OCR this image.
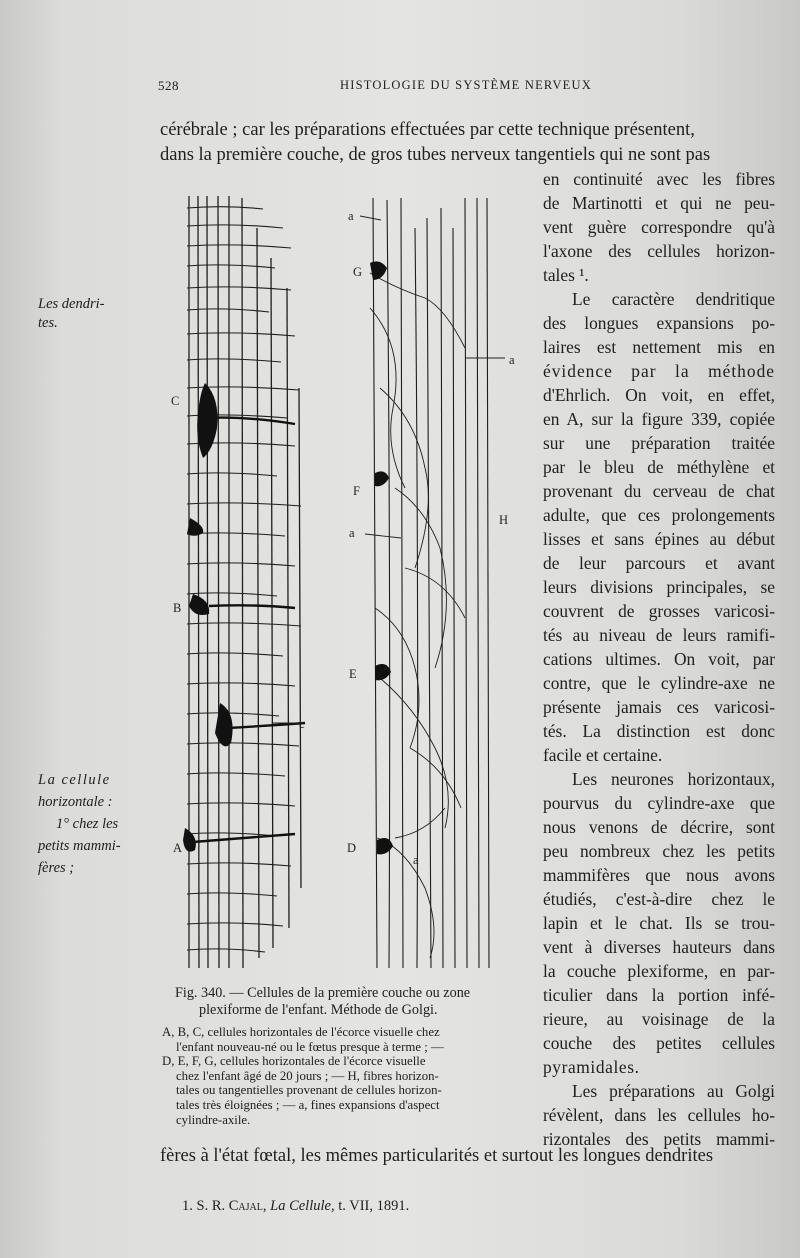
528	HISTOLOGIE DU SYSTÈME NERVEUX
cérébrale ; car les préparations effectuées par cette technique présentent,
dans la première couche, de gros tubes nerveux tangentiels qui ne sont pas
Les dendri-
tes.
La cellule
horizontale :
1° chez les
petits mammi-
fères ;
en continuité avec les fibres
de Martinotti et qui ne peu-
vent guère correspondre qu'à
l'axone des cellules horizon-
tales ¹.
Le caractère dendritique
des longues expansions po-
laires est nettement mis en
évidence par la méthode
d'Ehrlich. On voit, en effet,
en A, sur la figure 339, copiée
sur une préparation traitée
par le bleu de méthylène et
provenant du cerveau de chat
adulte, que ces prolongements
lisses et sans épines au début
de leur parcours et avant
leurs divisions principales, se
couvrent de grosses varicosi-
tés au niveau de leurs ramifi-
cations ultimes. On voit, par
contre, que le cylindre-axe ne
présente jamais ces varicosi-
tés. La distinction est donc
facile et certaine.
Les neurones horizontaux,
pourvus du cylindre-axe que
nous venons de décrire, sont
peu nombreux chez les petits
mammifères que nous avons
étudiés, c'est-à-dire chez le
lapin et le chat. Ils se trou-
vent à diverses hauteurs dans
la couche plexiforme, en par-
ticulier dans la portion infé-
rieure, au voisinage de la
couche des petites cellules
pyramidales.
Les préparations au Golgi
révèlent, dans les cellules ho-
rizontales des petits mammi-
fères à l'état fœtal, les mêmes particularités et surtout les longues dendrites
a
G
C
a
F
a
H
B
E
c
A	D
a
Fig. 340. — Cellules de la première couche ou zone
plexiforme de l'enfant. Méthode de Golgi.
A, B, C, cellules horizontales de l'écorce visuelle chez
l'enfant nouveau-né ou le fœtus presque à terme ; —
D, E, F, G, cellules horizontales de l'écorce visuelle
chez l'enfant âgé de 20 jours ; — H, fibres horizon-
tales ou tangentielles provenant de cellules horizon-
tales très éloignées ; — a, fines expansions d'aspect
cylindre-axile.
1. S. R. Cajal, La Cellule, t. VII, 1891.
